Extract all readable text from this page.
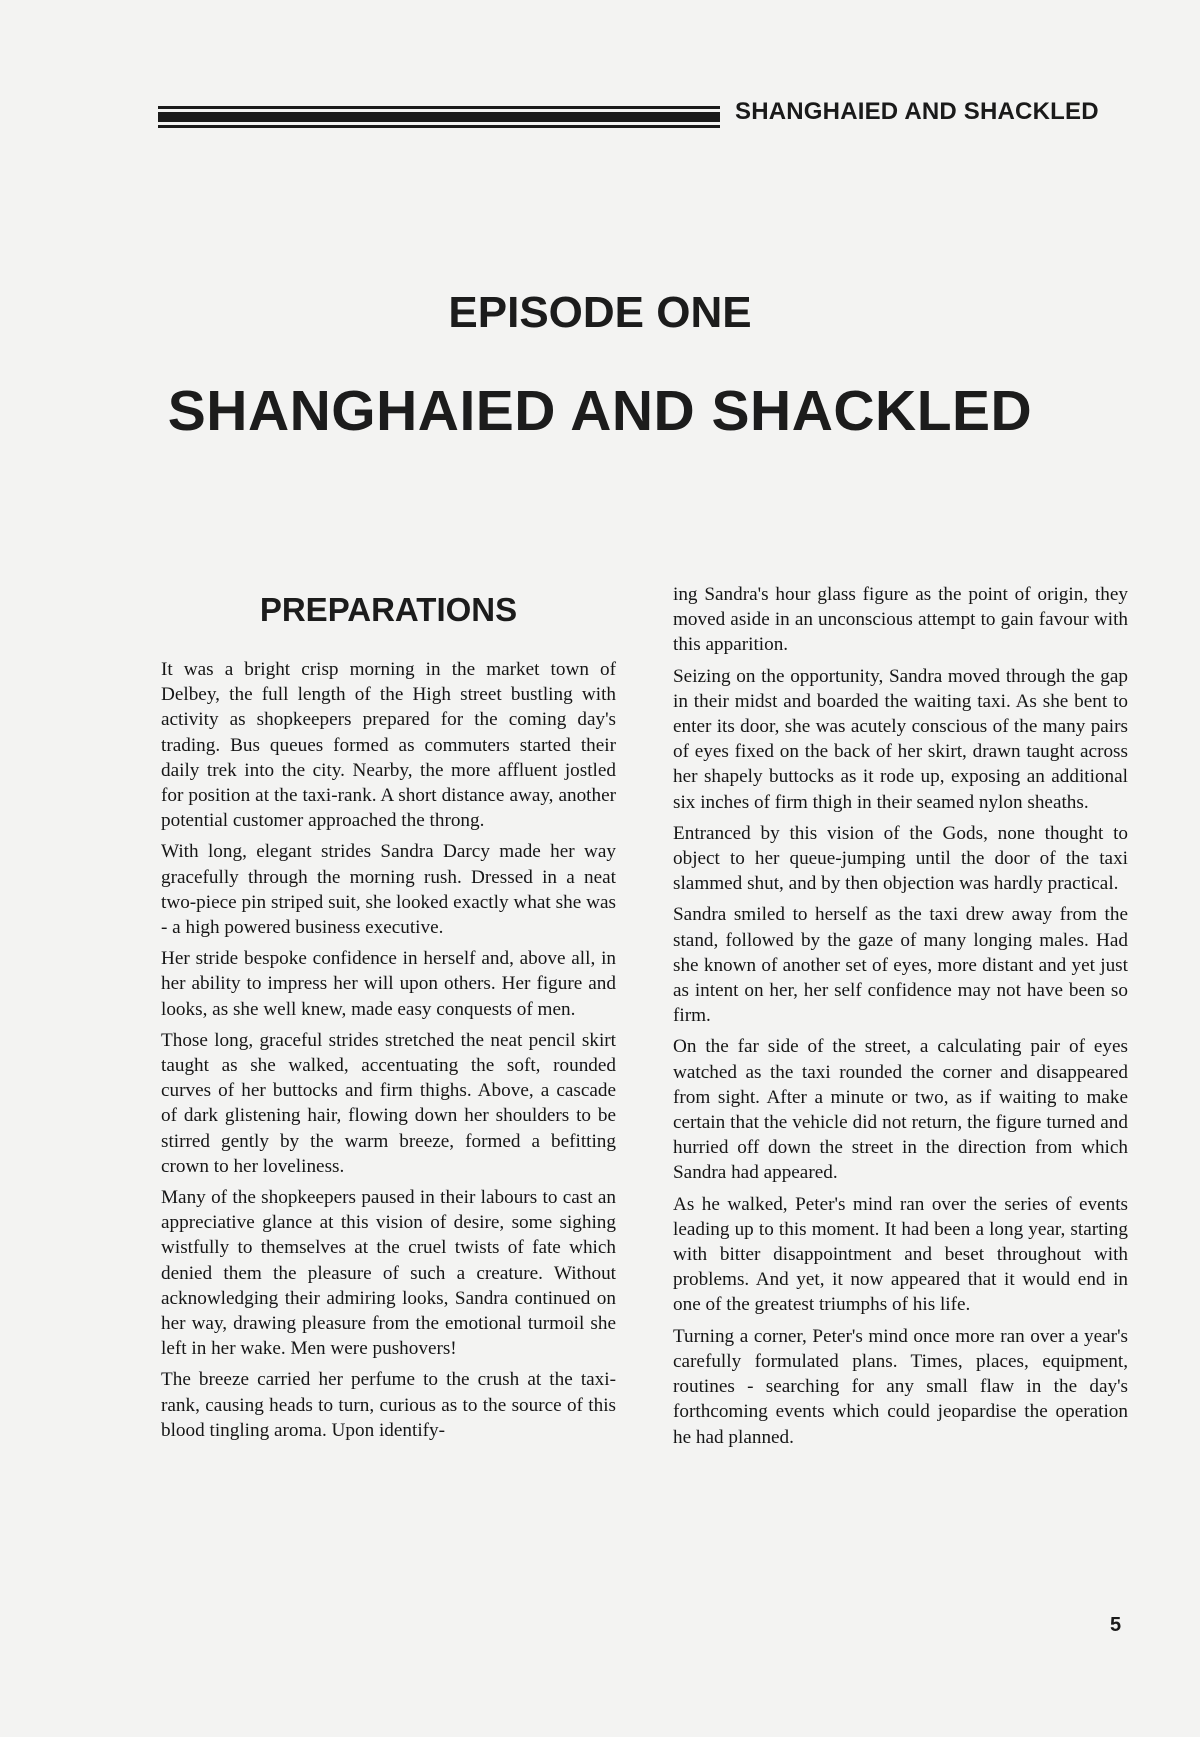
SHANGHAIED AND SHACKLED
EPISODE ONE
SHANGHAIED AND SHACKLED
PREPARATIONS

It was a bright crisp morning in the market town of Delbey, the full length of the High street bustling with activity as shopkeepers prepared for the coming day's trading. Bus queues formed as commuters started their daily trek into the city. Nearby, the more affluent jostled for position at the taxi-rank. A short distance away, another potential customer approached the throng.

With long, elegant strides Sandra Darcy made her way gracefully through the morning rush. Dressed in a neat two-piece pin striped suit, she looked exactly what she was - a high powered business executive.

Her stride bespoke confidence in herself and, above all, in her ability to impress her will upon others. Her figure and looks, as she well knew, made easy conquests of men.

Those long, graceful strides stretched the neat pencil skirt taught as she walked, accentuating the soft, rounded curves of her buttocks and firm thighs. Above, a cascade of dark glistening hair, flowing down her shoulders to be stirred gently by the warm breeze, formed a befitting crown to her loveliness.

Many of the shopkeepers paused in their labours to cast an appreciative glance at this vision of desire, some sighing wistfully to themselves at the cruel twists of fate which denied them the pleasure of such a creature. Without acknowledging their admiring looks, Sandra continued on her way, drawing pleasure from the emotional turmoil she left in her wake. Men were pushovers!

The breeze carried her perfume to the crush at the taxi-rank, causing heads to turn, curious as to the source of this blood tingling aroma. Upon identify-

ing Sandra's hour glass figure as the point of origin, they moved aside in an unconscious attempt to gain favour with this apparition.

Seizing on the opportunity, Sandra moved through the gap in their midst and boarded the waiting taxi. As she bent to enter its door, she was acutely conscious of the many pairs of eyes fixed on the back of her skirt, drawn taught across her shapely buttocks as it rode up, exposing an additional six inches of firm thigh in their seamed nylon sheaths.

Entranced by this vision of the Gods, none thought to object to her queue-jumping until the door of the taxi slammed shut, and by then objection was hardly practical.

Sandra smiled to herself as the taxi drew away from the stand, followed by the gaze of many longing males. Had she known of another set of eyes, more distant and yet just as intent on her, her self confidence may not have been so firm.

On the far side of the street, a calculating pair of eyes watched as the taxi rounded the corner and disappeared from sight. After a minute or two, as if waiting to make certain that the vehicle did not return, the figure turned and hurried off down the street in the direction from which Sandra had appeared.

As he walked, Peter's mind ran over the series of events leading up to this moment. It had been a long year, starting with bitter disappointment and beset throughout with problems. And yet, it now appeared that it would end in one of the greatest triumphs of his life.

Turning a corner, Peter's mind once more ran over a year's carefully formulated plans. Times, places, equipment, routines - searching for any small flaw in the day's forthcoming events which could jeopardise the operation he had planned.

5
